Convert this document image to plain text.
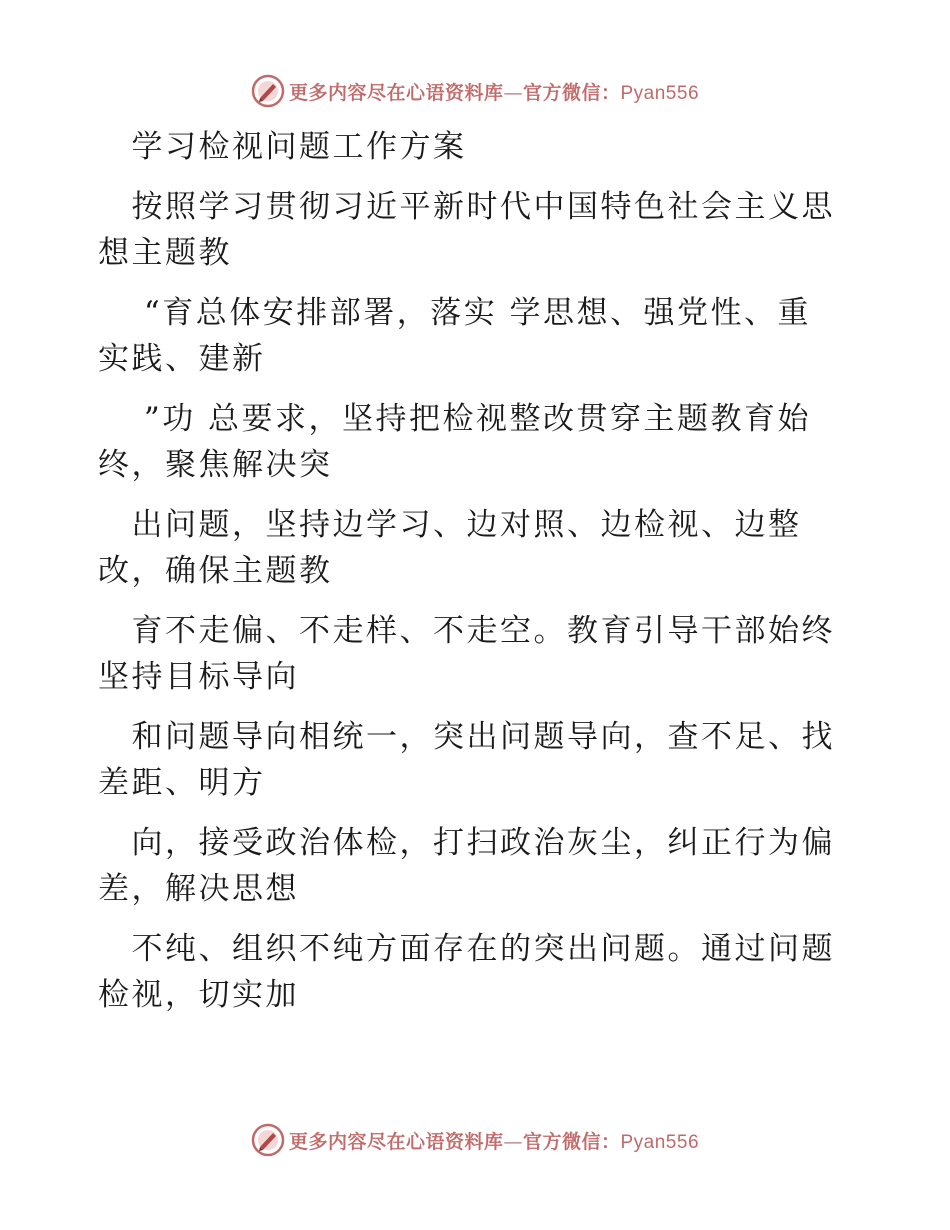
更多内容尽在心语资料库—官方微信：Pyan556
　学习检视问题工作方案
　按照学习贯彻习近平新时代中国特色社会主义思
想主题教
　 “育总体安排部署，落实 学思想、强党性、重
实践、建新
　 ”功 总要求，坚持把检视整改贯穿主题教育始
终，聚焦解决突
　出问题，坚持边学习、边对照、边检视、边整
改，确保主题教
　育不走偏、不走样、不走空。教育引导干部始终
坚持目标导向
　和问题导向相统一，突出问题导向，查不足、找
差距、明方
　向，接受政治体检，打扫政治灰尘，纠正行为偏
差，解决思想
　不纯、组织不纯方面存在的突出问题。通过问题
检视，切实加
更多内容尽在心语资料库—官方微信：Pyan556
